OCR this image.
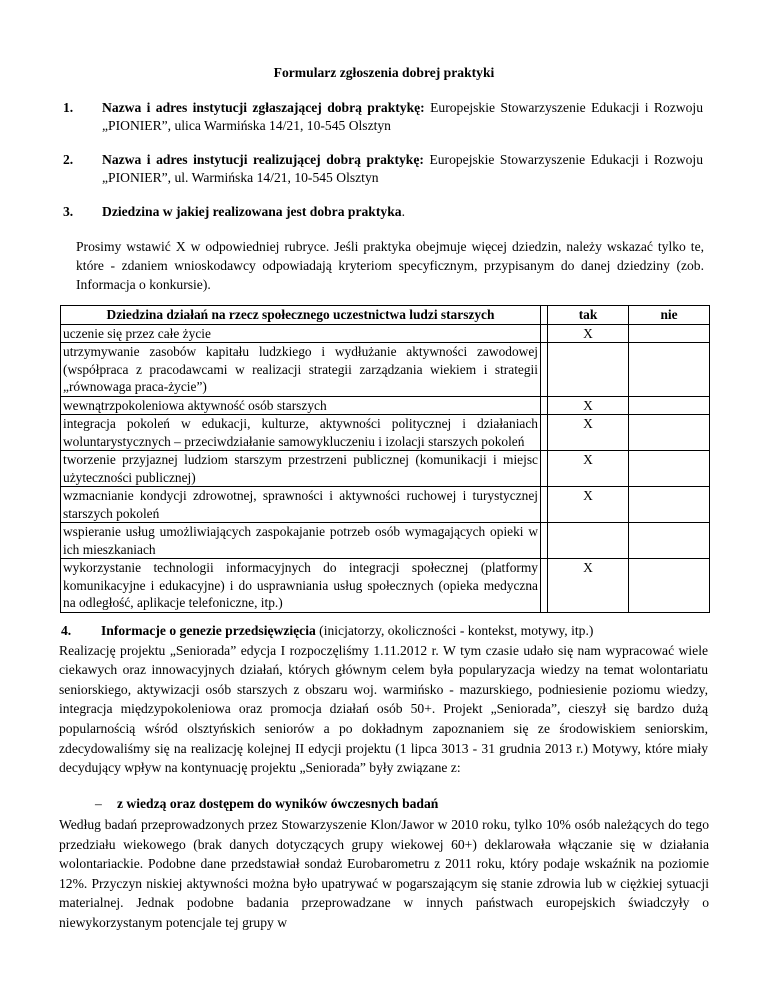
Formularz zgłoszenia dobrej praktyki
1. Nazwa i adres instytucji zgłaszającej dobrą praktykę: Europejskie Stowarzyszenie Edukacji i Rozwoju „PIONIER”, ulica Warmińska 14/21, 10-545 Olsztyn
2. Nazwa i adres instytucji realizującej dobrą praktykę: Europejskie Stowarzyszenie Edukacji i Rozwoju „PIONIER”, ul. Warmińska 14/21, 10-545 Olsztyn
3. Dziedzina w jakiej realizowana jest dobra praktyka.
Prosimy wstawić X w odpowiedniej rubryce. Jeśli praktyka obejmuje więcej dziedzin, należy wskazać tylko te, które - zdaniem wnioskodawcy odpowiadają kryteriom specyficznym, przypisanym do danej dziedziny (zob. Informacja o konkursie).
Dziedzina działań na rzecz społecznego uczestnictwa ludzi starszych		tak	nie
uczenie się przez całe życie		X	
utrzymywanie zasobów kapitału ludzkiego i wydłużanie aktywności zawodowej (współpraca z pracodawcami w realizacji strategii zarządzania wiekiem i strategii „równowaga praca-życie”)			
wewnątrzpokoleniowa aktywność osób starszych		X	
integracja pokoleń w edukacji, kulturze, aktywności politycznej i działaniach woluntarystycznych – przeciwdziałanie samowykluczeniu i izolacji starszych pokoleń		X	
tworzenie przyjaznej ludziom starszym przestrzeni publicznej (komunikacji i miejsc użyteczności publicznej)		X	
wzmacnianie kondycji zdrowotnej, sprawności i aktywności ruchowej i turystycznej starszych pokoleń		X	
wspieranie usług umożliwiających zaspokajanie potrzeb osób wymagających opieki w ich mieszkaniach			
wykorzystanie technologii informacyjnych do integracji społecznej (platformy komunikacyjne i edukacyjne) i do usprawniania usług społecznych (opieka medyczna na odległość, aplikacje telefoniczne, itp.)		X	
4. Informacje o genezie przedsięwzięcia (inicjatorzy, okoliczności - kontekst, motywy, itp.)
Realizację projektu „Seniorada” edycja I rozpoczęliśmy 1.11.2012 r. W tym czasie udało się nam wypracować wiele ciekawych oraz innowacyjnych działań, których głównym celem była popularyzacja wiedzy na temat wolontariatu seniorskiego, aktywizacji osób starszych z obszaru woj. warmińsko - mazurskiego, podniesienie poziomu wiedzy, integracja międzypokoleniowa oraz promocja działań osób 50+. Projekt „Seniorada”, cieszył się bardzo dużą popularnością wśród olsztyńskich seniorów a po dokładnym zapoznaniem się ze środowiskiem seniorskim, zdecydowaliśmy się na realizację kolejnej II edycji projektu (1 lipca 3013 - 31 grudnia 2013 r.) Motywy, które miały decydujący wpływ na kontynuację projektu „Seniorada” były związane z:
– z wiedzą oraz dostępem do wyników ówczesnych badań
Według badań przeprowadzonych przez Stowarzyszenie Klon/Jawor w 2010 roku, tylko 10% osób należących do tego przedziału wiekowego (brak danych dotyczących grupy wiekowej 60+) deklarowała włączanie się w działania wolontariackie. Podobne dane przedstawiał sondaż Eurobarometru z 2011 roku, który podaje wskaźnik na poziomie 12%. Przyczyn niskiej aktywności można było upatrywać w pogarszającym się stanie zdrowia lub w ciężkiej sytuacji materialnej. Jednak podobne badania przeprowadzane w innych państwach europejskich świadczyły o niewykorzystanym potencjale tej grupy w
